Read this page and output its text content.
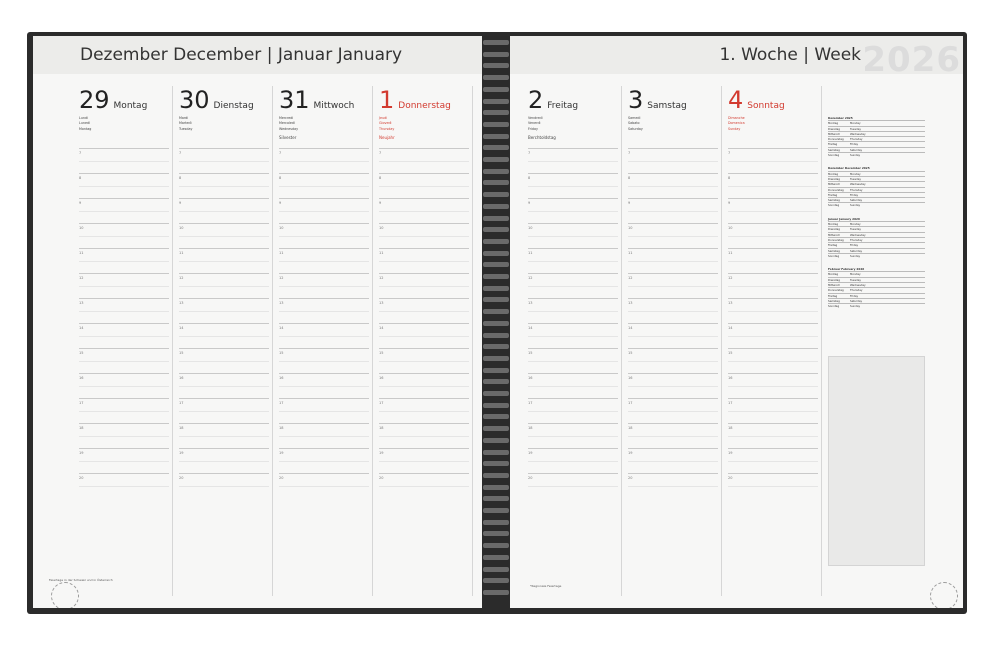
Dezember December | Januar January
29 Montag
Lundi
Lunedì
Montag
7
8
9
10
11
12
13
14
15
16
17
18
19
20
30 Dienstag
Mardi
Martedì
Tuesday
7
8
9
10
11
12
13
14
15
16
17
18
19
20
31 Mittwoch
Mercredi
Mercoledì
Wednesday
Silvester
7
8
9
10
11
12
13
14
15
16
17
18
19
20
1 Donnerstag
Jeudi
Giovedì
Thursday
Neujahr
7
8
9
10
11
12
13
14
15
16
17
18
19
20
Feiertage in der Schweiz und in Österreich
1. Woche | Week 2026
2 Freitag
Vendredi
Venerdì
Friday
Berchtoldstag
7
8
9
10
11
12
13
14
15
16
17
18
19
20
3 Samstag
Samedi
Sabato
Saturday
7
8
9
10
11
12
13
14
15
16
17
18
19
20
4 Sonntag
Dimanche
Domenica
Sunday
7
8
9
10
11
12
13
14
15
16
17
18
19
20
Dezember 2025
Montag	Monday
Dienstag	Tuesday
Mittwoch	Wednesday
Donnerstag	Thursday
Freitag	Friday
Samstag	Saturday
Sonntag	Sunday
Dezember December 2025
Montag	Monday
Dienstag	Tuesday
Mittwoch	Wednesday
Donnerstag	Thursday
Freitag	Friday
Samstag	Saturday
Sonntag	Sunday
Januar January 2026
Montag	Monday
Dienstag	Tuesday
Mittwoch	Wednesday
Donnerstag	Thursday
Freitag	Friday
Samstag	Saturday
Sonntag	Sunday
Februar February 2026
Montag	Monday
Dienstag	Tuesday
Mittwoch	Wednesday
Donnerstag	Thursday
Freitag	Friday
Samstag	Saturday
Sonntag	Sunday
*Regionale Feiertage
